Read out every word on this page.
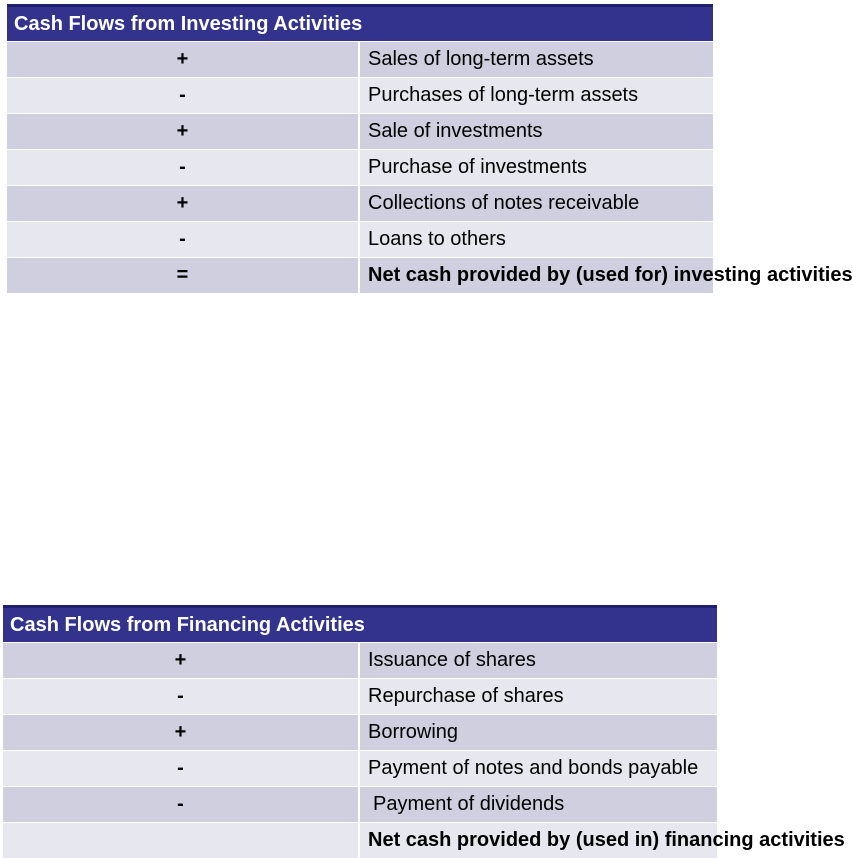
Cash Flows from Investing Activities	
+	Sales of long-term assets
-	Purchases of long-term assets
+	Sale of investments
-	Purchase of investments
+	Collections of notes receivable
-	Loans to others
=	Net cash provided by (used for) investing activities
Cash Flows from Financing Activities	
+	Issuance of shares
-	Repurchase of shares
+	Borrowing
-	Payment of notes and bonds payable
-	Payment of dividends
	Net cash provided by (used in) financing activities
